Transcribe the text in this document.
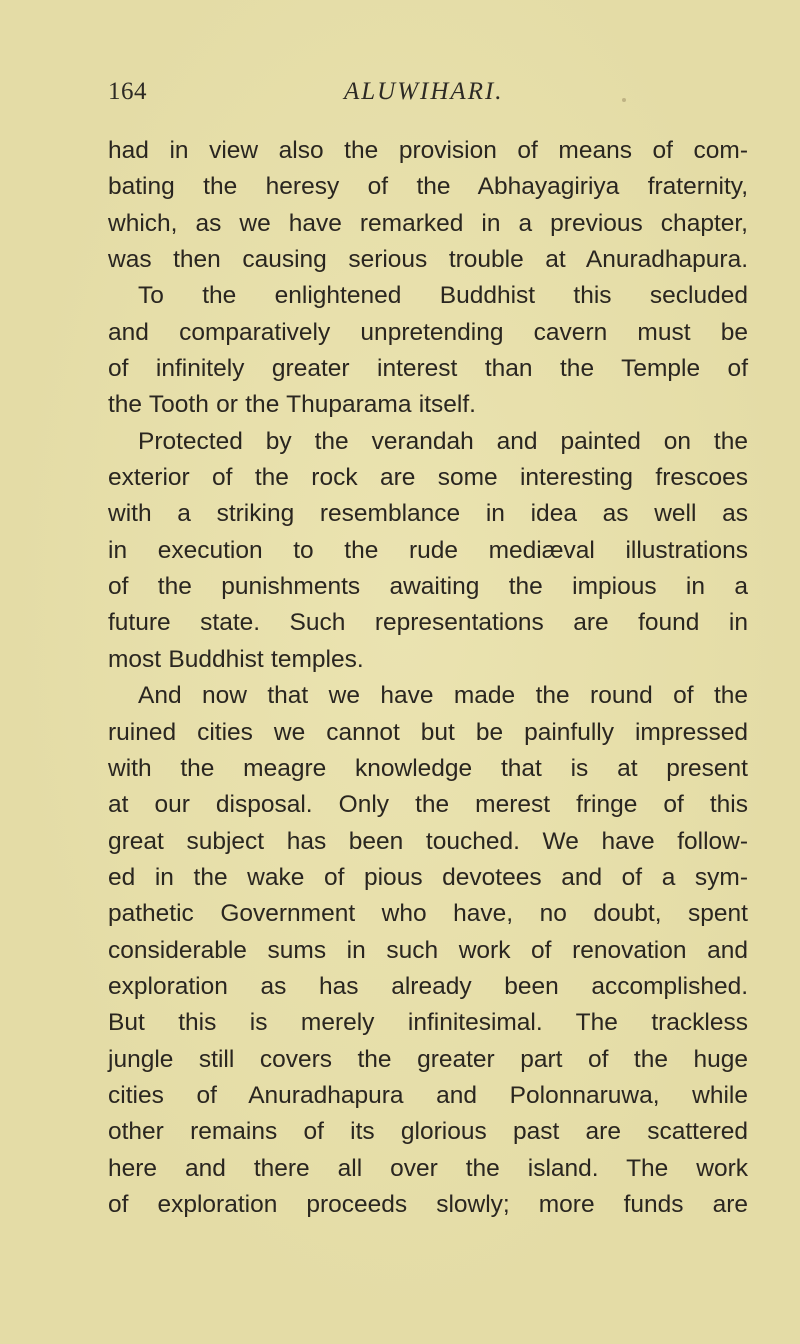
164	ALUWIHARI.
had in view also the provision of means of com-
bating the heresy of the Abhayagiriya fraternity,
which, as we have remarked in a previous chapter,
was then causing serious trouble at Anuradhapura.
To the enlightened Buddhist this secluded
and comparatively unpretending cavern must be
of infinitely greater interest than the Temple of
the Tooth or the Thuparama itself.
Protected by the verandah and painted on the
exterior of the rock are some interesting frescoes
with a striking resemblance in idea as well as
in execution to the rude mediæval illustrations
of the punishments awaiting the impious in a
future state. Such representations are found in
most Buddhist temples.
And now that we have made the round of the
ruined cities we cannot but be painfully impressed
with the meagre knowledge that is at present
at our disposal. Only the merest fringe of this
great subject has been touched. We have follow-
ed in the wake of pious devotees and of a sym-
pathetic Government who have, no doubt, spent
considerable sums in such work of renovation and
exploration as has already been accomplished.
But this is merely infinitesimal. The trackless
jungle still covers the greater part of the huge
cities of Anuradhapura and Polonnaruwa, while
other remains of its glorious past are scattered
here and there all over the island. The work
of exploration proceeds slowly; more funds are
